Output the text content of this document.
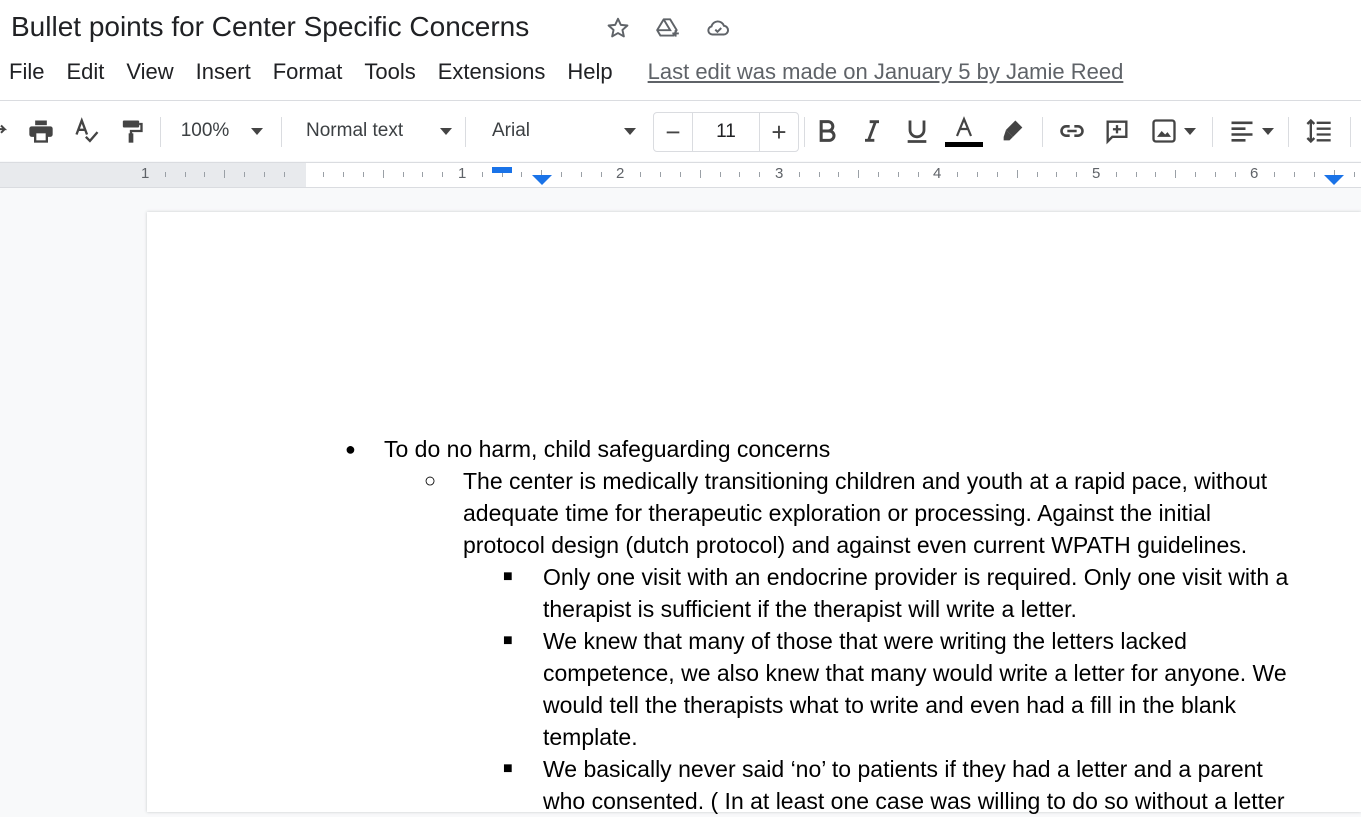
Bullet points for Center Specific Concerns
File	Edit	View	Insert	Format	Tools	Extensions	Help	Last edit was made on January 5 by Jamie Reed
100%	Normal text	Arial	−	11	+
1	1	2	3	4	5	6
● To do no harm, child safeguarding concerns
○ The center is medically transitioning children and youth at a rapid pace, without
adequate time for therapeutic exploration or processing. Against the initial
protocol design (dutch protocol) and against even current WPATH guidelines.
■ Only one visit with an endocrine provider is required. Only one visit with a
therapist is sufficient if the therapist will write a letter.
■ We knew that many of those that were writing the letters lacked
competence, we also knew that many would write a letter for anyone. We
would tell the therapists what to write and even had a fill in the blank
template.
■ We basically never said ‘no’ to patients if they had a letter and a parent
who consented. ( In at least one case was willing to do so without a letter
